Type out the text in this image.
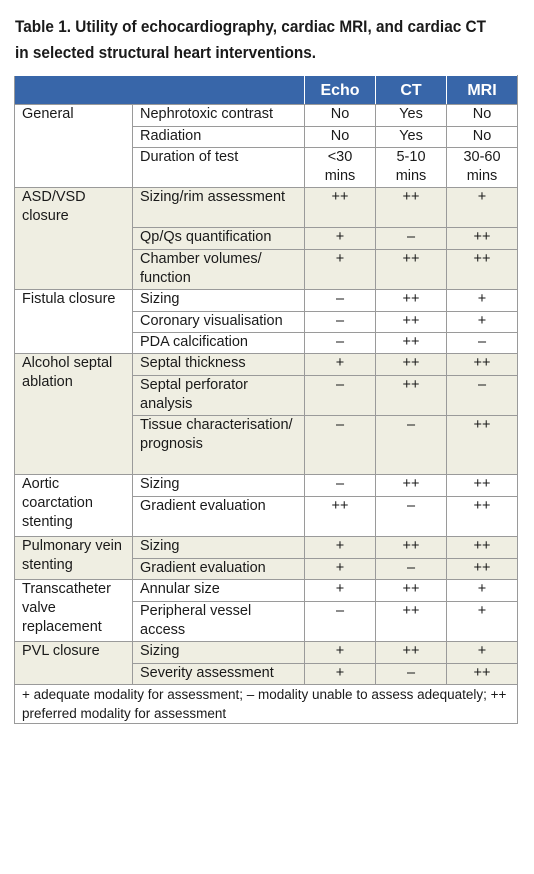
Table 1. Utility of echocardiography, cardiac MRI, and cardiac CT in selected structural heart interventions.
		Echo	CT	MRI
General	Nephrotoxic contrast	No	Yes	No
	Radiation	No	Yes	No
	Duration of test	<30 mins	5-10 mins	30-60 mins
ASD/VSD closure	Sizing/rim assessment	++	++	+
	Qp/Qs quantification	+	–	++
	Chamber volumes/ function	+	++	++
Fistula closure	Sizing	–	++	+
	Coronary visualisation	–	++	+
	PDA calcification	–	++	–
Alcohol septal ablation	Septal thickness	+	++	++
	Septal perforator analysis	–	++	–
	Tissue characterisation/ prognosis	–	–	++
Aortic coarctation stenting	Sizing	–	++	++
	Gradient evaluation	++	–	++
Pulmonary vein stenting	Sizing	+	++	++
	Gradient evaluation	+	–	++
Transcatheter valve replacement	Annular size	+	++	+
	Peripheral vessel access	–	++	+
PVL closure	Sizing	+	++	+
	Severity assessment	+	–	++
+ adequate modality for assessment; – modality unable to assess adequately; ++ preferred modality for assessment				
